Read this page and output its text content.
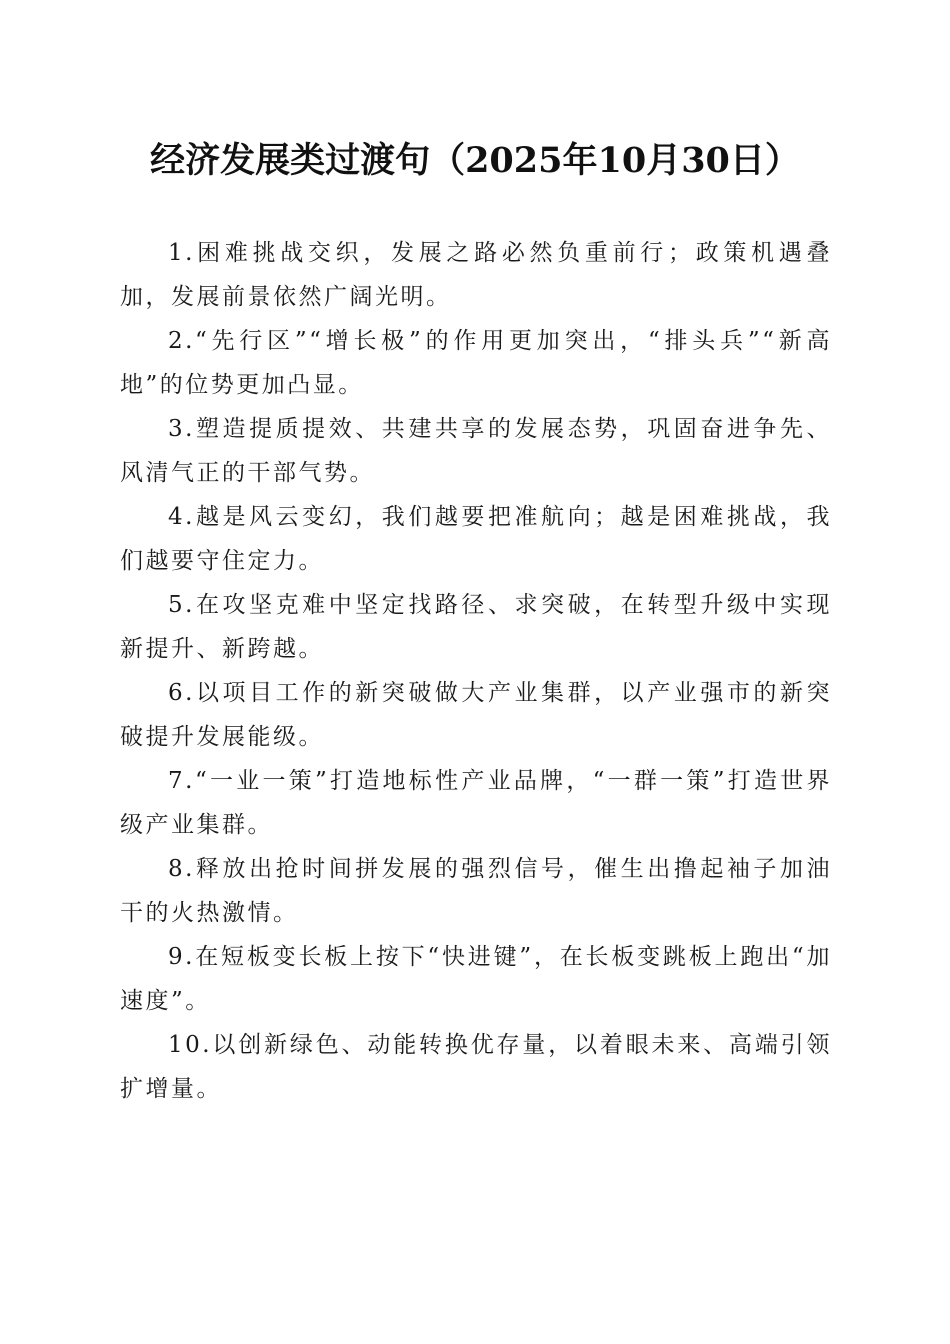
经济发展类过渡句（2025年10月30日）

1.困难挑战交织，发展之路必然负重前行；政策机遇叠加，发展前景依然广阔光明。

2.“先行区”“增长极”的作用更加突出，“排头兵”“新高地”的位势更加凸显。

3.塑造提质提效、共建共享的发展态势，巩固奋进争先、风清气正的干部气势。

4.越是风云变幻，我们越要把准航向；越是困难挑战，我们越要守住定力。

5.在攻坚克难中坚定找路径、求突破，在转型升级中实现新提升、新跨越。

6.以项目工作的新突破做大产业集群，以产业强市的新突破提升发展能级。

7.“一业一策”打造地标性产业品牌，“一群一策”打造世界级产业集群。

8.释放出抢时间拼发展的强烈信号，催生出撸起袖子加油干的火热激情。

9.在短板变长板上按下“快进键”，在长板变跳板上跑出“加速度”。

10.以创新绿色、动能转换优存量，以着眼未来、高端引领扩增量。
